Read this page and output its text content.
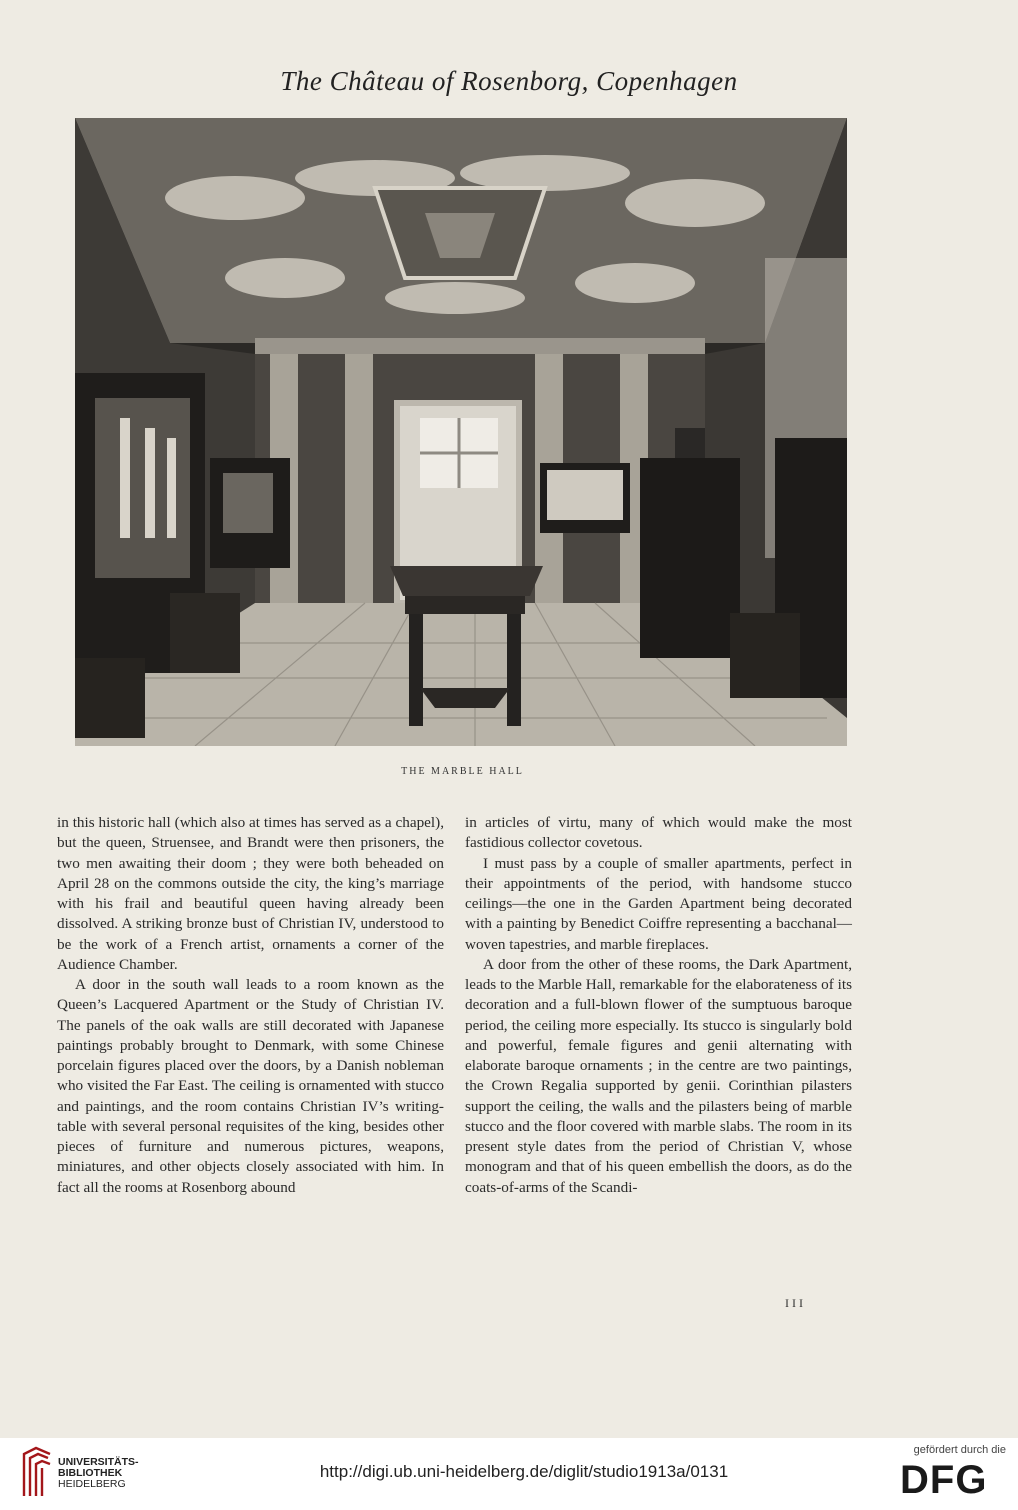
The Château of Rosenborg, Copenhagen
THE MARBLE HALL

in this historic hall (which also at times has served as a chapel), but the queen, Struensee, and Brandt were then prisoners, the two men awaiting their doom ; they were both beheaded on April 28 on the commons outside the city, the king’s marriage with his frail and beautiful queen having already been dissolved. A striking bronze bust of Christian IV, understood to be the work of a French artist, ornaments a corner of the Audience Chamber.

A door in the south wall leads to a room known as the Queen’s Lacquered Apartment or the Study of Christian IV. The panels of the oak walls are still decorated with Japanese paintings probably brought to Denmark, with some Chinese porcelain figures placed over the doors, by a Danish nobleman who visited the Far East. The ceiling is ornamented with stucco and paintings, and the room contains Christian IV’s writing-table with several personal requisites of the king, besides other pieces of furniture and numerous pictures, weapons, miniatures, and other objects closely associated with him. In fact all the rooms at Rosenborg abound

in articles of virtu, many of which would make the most fastidious collector covetous.

I must pass by a couple of smaller apartments, perfect in their appointments of the period, with handsome stucco ceilings—the one in the Garden Apartment being decorated with a painting by Benedict Coiffre representing a bacchanal—woven tapestries, and marble fireplaces.

A door from the other of these rooms, the Dark Apartment, leads to the Marble Hall, remarkable for the elaborateness of its decoration and a full-blown flower of the sumptuous baroque period, the ceiling more especially. Its stucco is singularly bold and powerful, female figures and genii alternating with elaborate baroque ornaments ; in the centre are two paintings, the Crown Regalia supported by genii. Corinthian pilasters support the ceiling, the walls and the pilasters being of marble stucco and the floor covered with marble slabs. The room in its present style dates from the period of Christian V, whose monogram and that of his queen embellish the doors, as do the coats-of-arms of the Scandi-

III
UNIVERSITÄTS-
BIBLIOTHEK
HEIDELBERG
http://digi.ub.uni-heidelberg.de/diglit/studio1913a/0131
gefördert durch die
DFG
